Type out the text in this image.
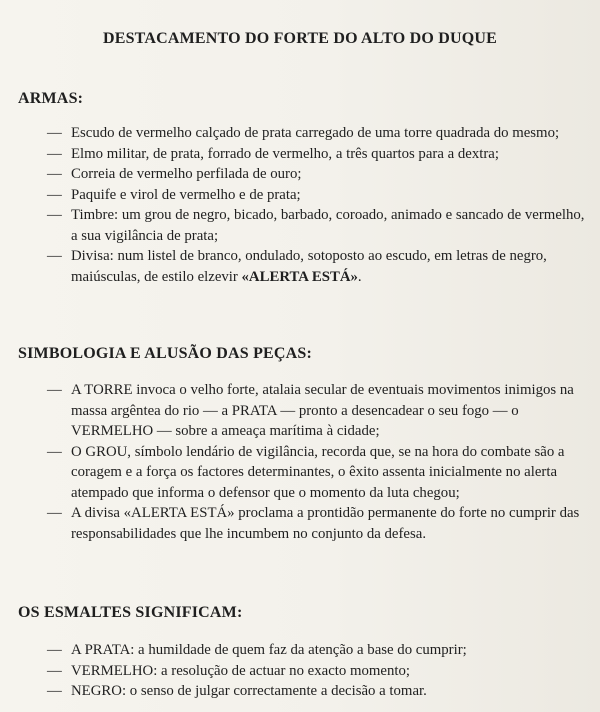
DESTACAMENTO DO FORTE DO ALTO DO DUQUE
ARMAS:
— Escudo de vermelho calçado de prata carregado de uma torre quadrada do mesmo;
— Elmo militar, de prata, forrado de vermelho, a três quartos para a dextra;
— Correia de vermelho perfilada de ouro;
— Paquife e virol de vermelho e de prata;
— Timbre: um grou de negro, bicado, barbado, coroado, animado e sancado de vermelho, a sua vigilância de prata;
— Divisa: num listel de branco, ondulado, sotoposto ao escudo, em letras de negro, maiúsculas, de estilo elzevir «ALERTA ESTÁ».
SIMBOLOGIA E ALUSÃO DAS PEÇAS:
— A TORRE invoca o velho forte, atalaia secular de eventuais movimentos inimigos na massa argêntea do rio — a PRATA — pronto a desencadear o seu fogo — o VERMELHO — sobre a ameaça marítima à cidade;
— O GROU, símbolo lendário de vigilância, recorda que, se na hora do combate são a coragem e a força os factores determinantes, o êxito assenta inicialmente no alerta atempado que informa o defensor que o momento da luta chegou;
— A divisa «ALERTA ESTÁ» proclama a prontidão permanente do forte no cumprir das responsabilidades que lhe incumbem no conjunto da defesa.
OS ESMALTES SIGNIFICAM:
— A PRATA: a humildade de quem faz da atenção a base do cumprir;
— VERMELHO: a resolução de actuar no exacto momento;
— NEGRO: o senso de julgar correctamente a decisão a tomar.
